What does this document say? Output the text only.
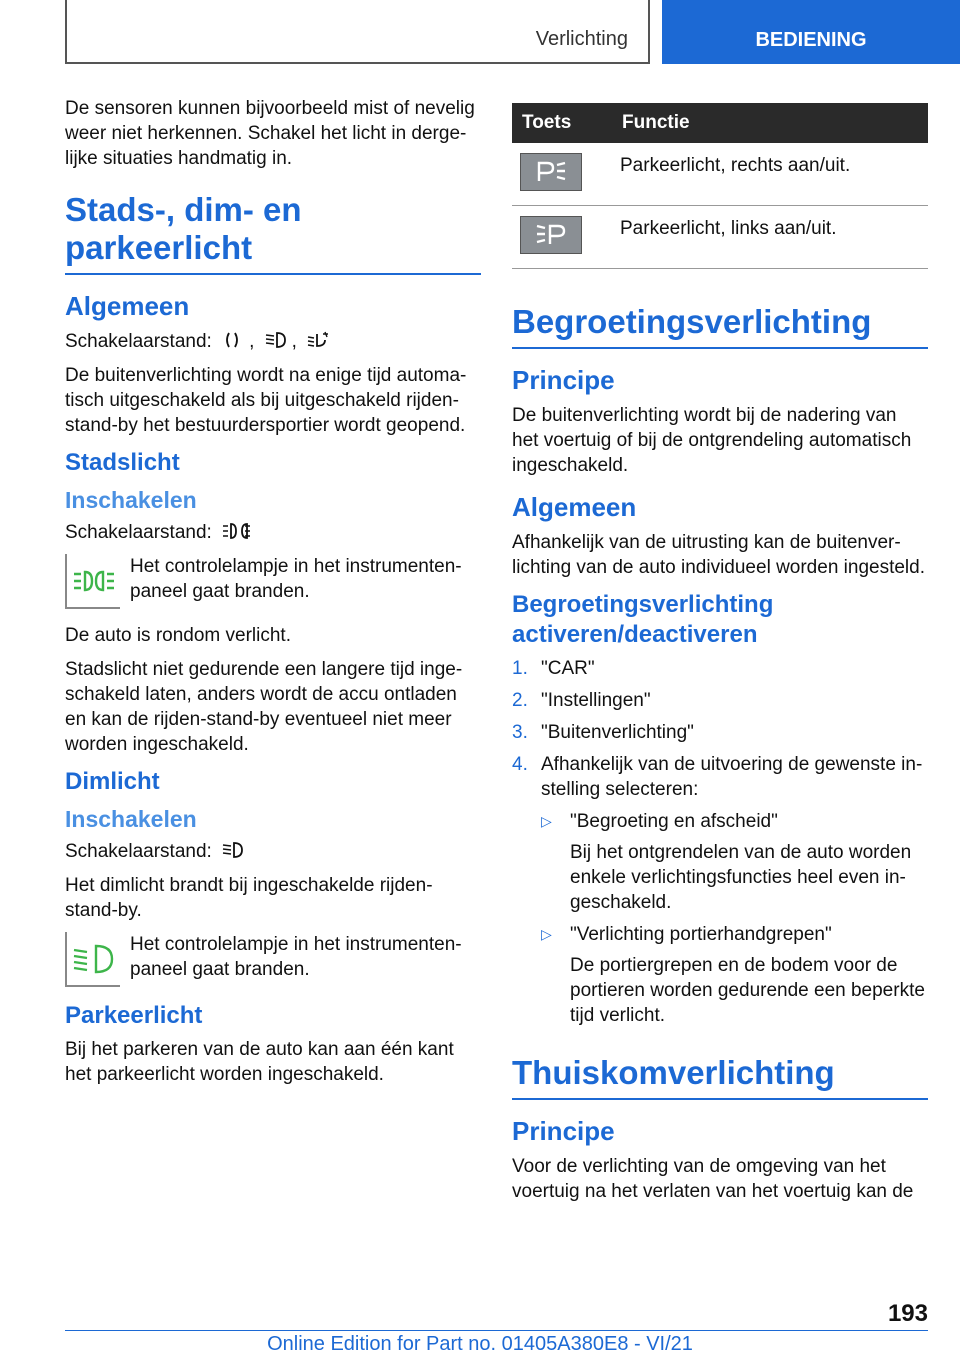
Verlichting	BEDIENING

De sensoren kunnen bijvoorbeeld mist of nevelig weer niet herkennen. Schakel het licht in dergelijke situaties handmatig in.

Stads-, dim- en parkeerlicht
Algemeen

Schakelaarstand: , ,

De buitenverlichting wordt na enige tijd automatisch uitgeschakeld als bij uitgeschakeld rijden-stand-by het bestuurdersportier wordt geopend.

Stadslicht
Inschakelen

Schakelaarstand:

Het controlelampje in het instrumentenpaneel gaat branden.

De auto is rondom verlicht.

Stadslicht niet gedurende een langere tijd ingeschakeld laten, anders wordt de accu ontladen en kan de rijden-stand-by eventueel niet meer worden ingeschakeld.

Dimlicht
Inschakelen

Schakelaarstand:

Het dimlicht brandt bij ingeschakelde rijden-stand-by.

Het controlelampje in het instrumentenpaneel gaat branden.
Parkeerlicht

Bij het parkeren van de auto kan aan één kant het parkeerlicht worden ingeschakeld.

Toets	Functie

	Parkeerlicht, rechts aan/uit.

	Parkeerlicht, links aan/uit.
Begroetingsverlichting
Principe

De buitenverlichting wordt bij de nadering van het voertuig of bij de ontgrendeling automatisch ingeschakeld.

Algemeen

Afhankelijk van de uitrusting kan de buitenverlichting van de auto individueel worden ingesteld.

Begroetingsverlichting activeren/deactiveren
1. "CAR"
2. "Instellingen"
3. "Buitenverlichting"
4. Afhankelijk van de uitvoering de gewenste instelling selecteren:
▷ "Begroeting en afscheid"
Bij het ontgrendelen van de auto worden enkele verlichtingsfuncties heel even ingeschakeld.
▷ "Verlichting portierhandgrepen"
De portiergrepen en de bodem voor de portieren worden gedurende een beperkte tijd verlicht.
Thuiskomverlichting
Principe

Voor de verlichting van de omgeving van het voertuig na het verlaten van het voertuig kan de

193
Online Edition for Part no. 01405A380E8 - VI/21
